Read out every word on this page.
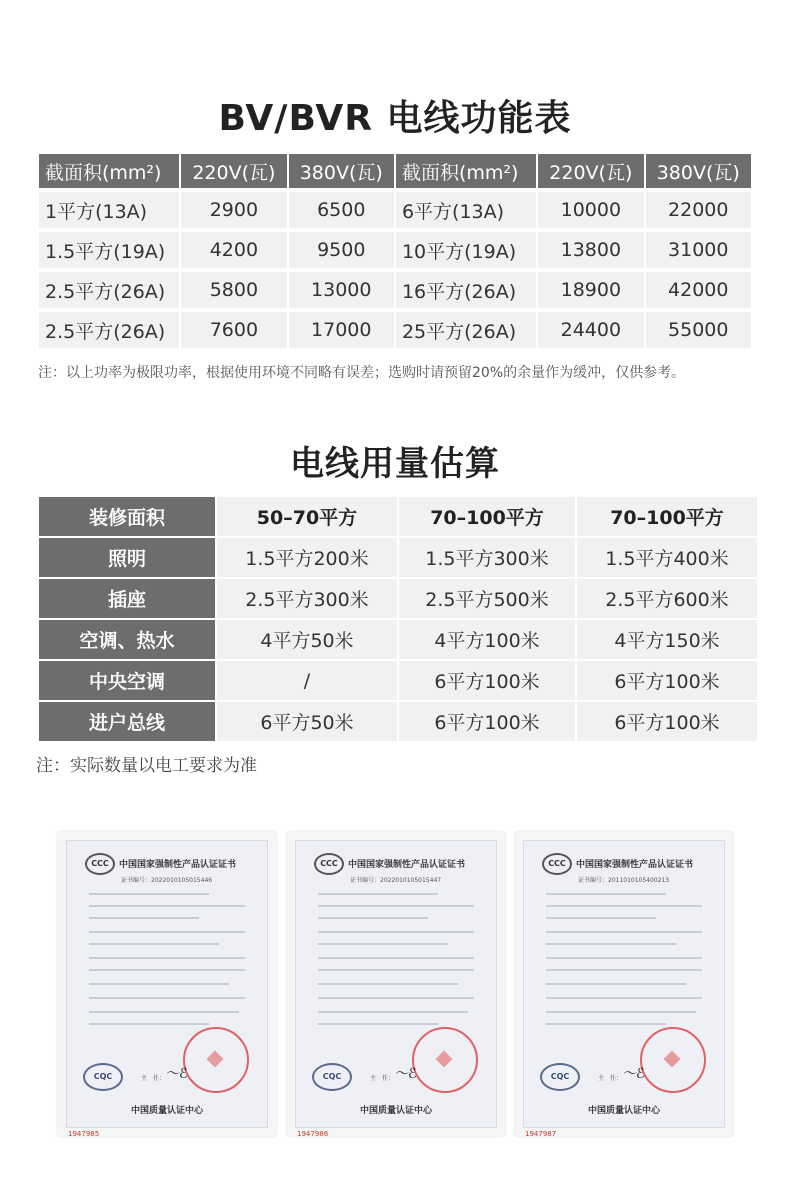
BV/BVR 电线功能表
截面积(mm²)	220V(瓦)	380V(瓦)	截面积(mm²)	220V(瓦)	380V(瓦)
1平方(13A)	2900	6500	6平方(13A)	10000	22000
1.5平方(19A)	4200	9500	10平方(19A)	13800	31000
2.5平方(26A)	5800	13000	16平方(26A)	18900	42000
2.5平方(26A)	7600	17000	25平方(26A)	24400	55000
注：以上功率为极限功率，根据使用环境不同略有误差；选购时请预留20%的余量作为缓冲，仅供参考。
电线用量估算
装修面积	50–70平方	70–100平方	70–100平方
照明	1.5平方200米	1.5平方300米	1.5平方400米
插座	2.5平方300米	2.5平方500米	2.5平方600米
空调、热水	4平方50米	4平方100米	4平方150米
中央空调	/	6平方100米	6平方100米
进户总线	6平方50米	6平方100米	6平方100米
注：实际数量以电工要求为准
CCC	中国国家强制性产品认证证书
证书编号：2022010105015446
CQC	主　任： 〜ℰ
中国质量认证中心
1947985
CCC	中国国家强制性产品认证证书
证书编号：2022010105015447
CQC	主　任： 〜ℰ
中国质量认证中心
1947986
CCC	中国国家强制性产品认证证书
证书编号：2011010105400213
CQC	主　任： 〜ℰ
中国质量认证中心
1947987
